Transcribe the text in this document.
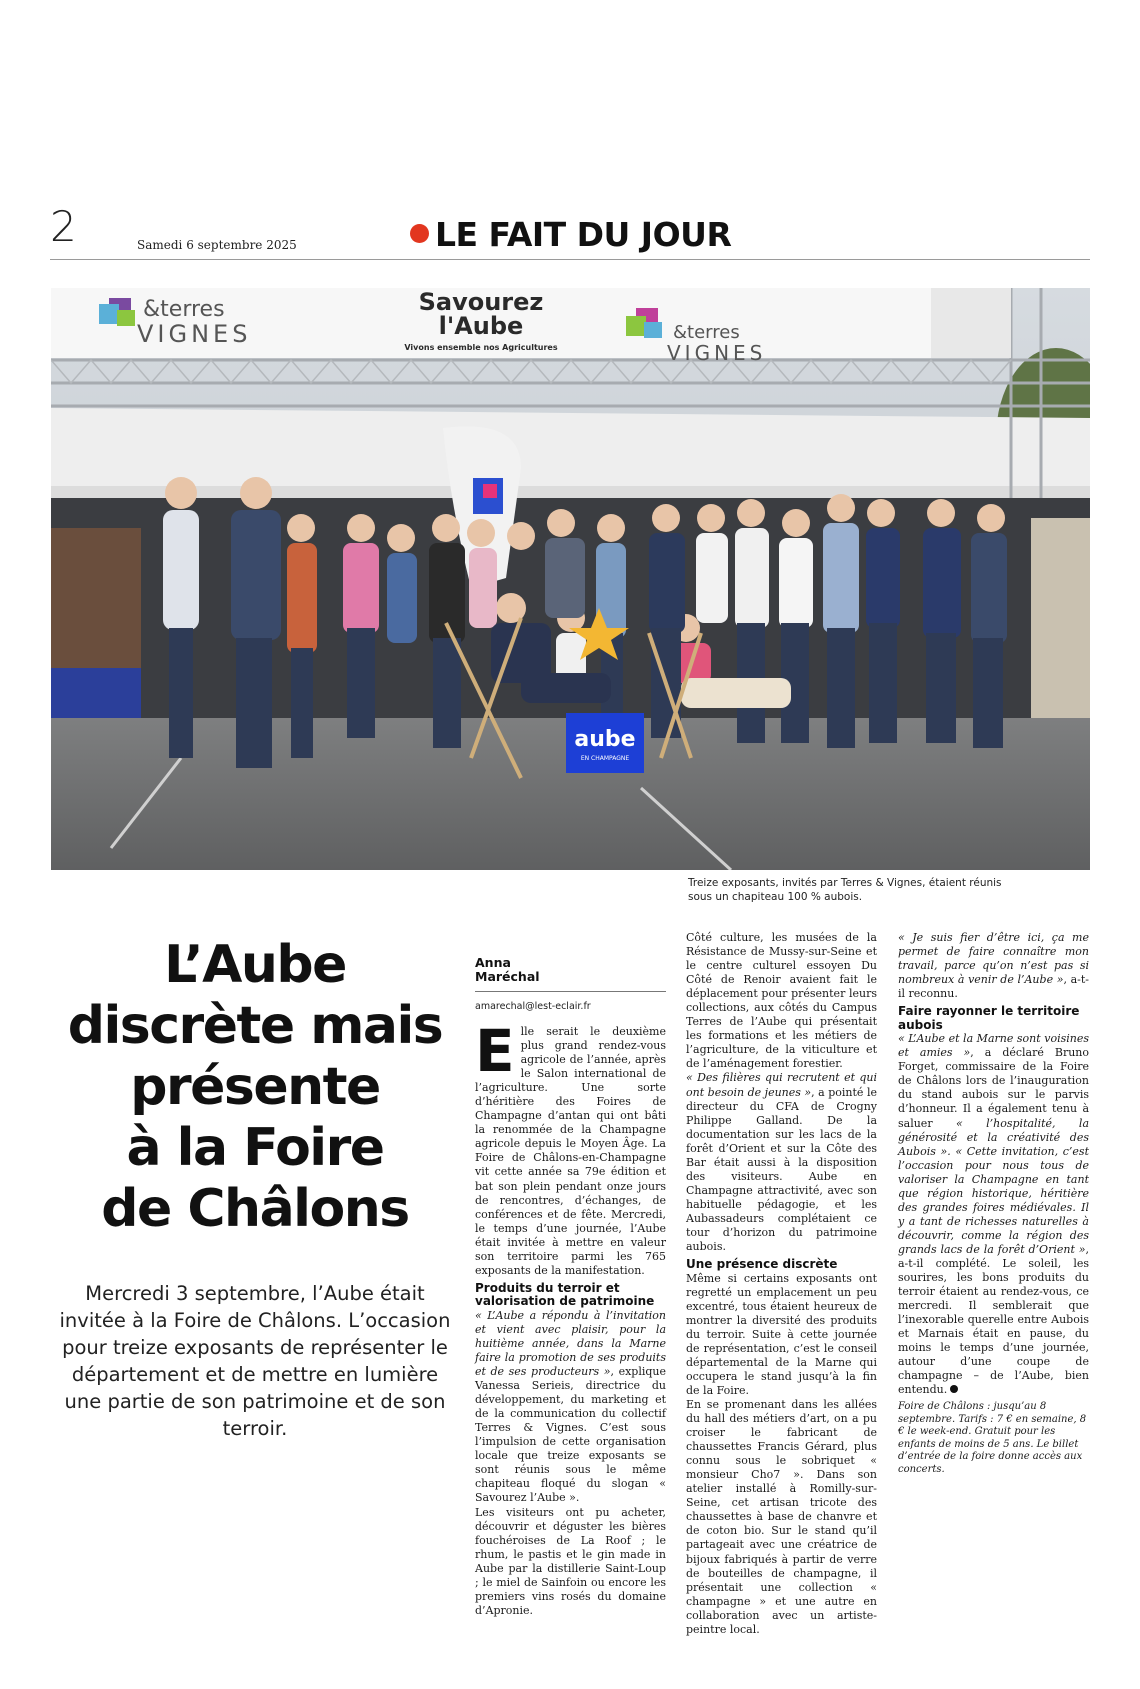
2	Samedi 6 septembre 2025	LE FAIT DU JOUR
&terres
VIGNES
Savourez
l'Aube
Vivons ensemble nos Agricultures
&terres
VIGNES
aube
EN CHAMPAGNE
Treize exposants, invités par Terres & Vignes, étaient réunis sous un chapiteau 100 % aubois.
L’Aube
discrète mais
présente
à la Foire
de Châlons
Mercredi 3 septembre, l’Aube était invitée à la Foire de Châlons. L’occasion pour treize exposants de représenter le département et de mettre en lumière une partie de son patrimoine et de son terroir.
Anna
Maréchal
amarechal@lest-eclair.fr

Elle serait le deuxième plus grand rendez-vous agricole de l’année, après le Salon international de l’agriculture. Une sorte d’héritière des Foires de Champagne d’antan qui ont bâti la renommée de la Champagne agricole depuis le Moyen Âge. La Foire de Châlons-en-Champagne vit cette année sa 79e édition et bat son plein pendant onze jours de rencontres, d’échanges, de conférences et de fête. Mercredi, le temps d’une journée, l’Aube était invitée à mettre en valeur son territoire parmi les 765 exposants de la manifestation.

Produits du terroir et valorisation de patrimoine

« L’Aube a répondu à l’invitation et vient avec plaisir, pour la huitième année, dans la Marne faire la promotion de ses produits et de ses producteurs », explique Vanessa Serieis, directrice du développement, du marketing et de la communication du collectif Terres & Vignes. C’est sous l’impulsion de cette organisation locale que treize exposants se sont réunis sous le même chapiteau floqué du slogan « Savourez l’Aube ».

Les visiteurs ont pu acheter, découvrir et déguster les bières fouchéroises de La Roof ; le rhum, le pastis et le gin made in Aube par la distillerie Saint-Loup ; le miel de Sainfoin ou encore les premiers vins rosés du domaine d’Apronie.

Côté culture, les musées de la Résistance de Mussy-sur-Seine et le centre culturel essoyen Du Côté de Renoir avaient fait le déplacement pour présenter leurs collections, aux côtés du Campus Terres de l’Aube qui présentait les formations et les métiers de l’agriculture, de la viticulture et de l’aménagement forestier.

« Des filières qui recrutent et qui ont besoin de jeunes », a pointé le directeur du CFA de Crogny Philippe Galland. De la documentation sur les lacs de la forêt d’Orient et sur la Côte des Bar était aussi à la disposition des visiteurs. Aube en Champagne attractivité, avec son habituelle pédagogie, et les Aubassadeurs complétaient ce tour d’horizon du patrimoine aubois.

Une présence discrète

Même si certains exposants ont regretté un emplacement un peu excentré, tous étaient heureux de montrer la diversité des produits du terroir. Suite à cette journée de représentation, c’est le conseil départemental de la Marne qui occupera le stand jusqu’à la fin de la Foire.

En se promenant dans les allées du hall des métiers d’art, on a pu croiser le fabricant de chaussettes Francis Gérard, plus connu sous le sobriquet « monsieur Cho7 ». Dans son atelier installé à Romilly-sur-Seine, cet artisan tricote des chaussettes à base de chanvre et de coton bio. Sur le stand qu’il partageait avec une créatrice de bijoux fabriqués à partir de verre de bouteilles de champagne, il présentait une collection « champagne » et une autre en collaboration avec un artiste-peintre local.

« Je suis fier d’être ici, ça me permet de faire connaître mon travail, parce qu’on n’est pas si nombreux à venir de l’Aube », a-t-il reconnu.

Faire rayonner le territoire aubois

« L’Aube et la Marne sont voisines et amies », a déclaré Bruno Forget, commissaire de la Foire de Châlons lors de l’inauguration du stand aubois sur le parvis d’honneur. Il a également tenu à saluer « l’hospitalité, la générosité et la créativité des Aubois ». « Cette invitation, c’est l’occasion pour nous tous de valoriser la Champagne en tant que région historique, héritière des grandes foires médiévales. Il y a tant de richesses naturelles à découvrir, comme la région des grands lacs de la forêt d’Orient », a-t-il complété. Le soleil, les sourires, les bons produits du terroir étaient au rendez-vous, ce mercredi. Il semblerait que l’inexorable querelle entre Aubois et Marnais était en pause, du moins le temps d’une journée, autour d’une coupe de champagne – de l’Aube, bien entendu.

Foire de Châlons : jusqu’au 8 septembre. Tarifs : 7 € en semaine, 8 € le week-end. Gratuit pour les enfants de moins de 5 ans. Le billet d’entrée de la foire donne accès aux concerts.
